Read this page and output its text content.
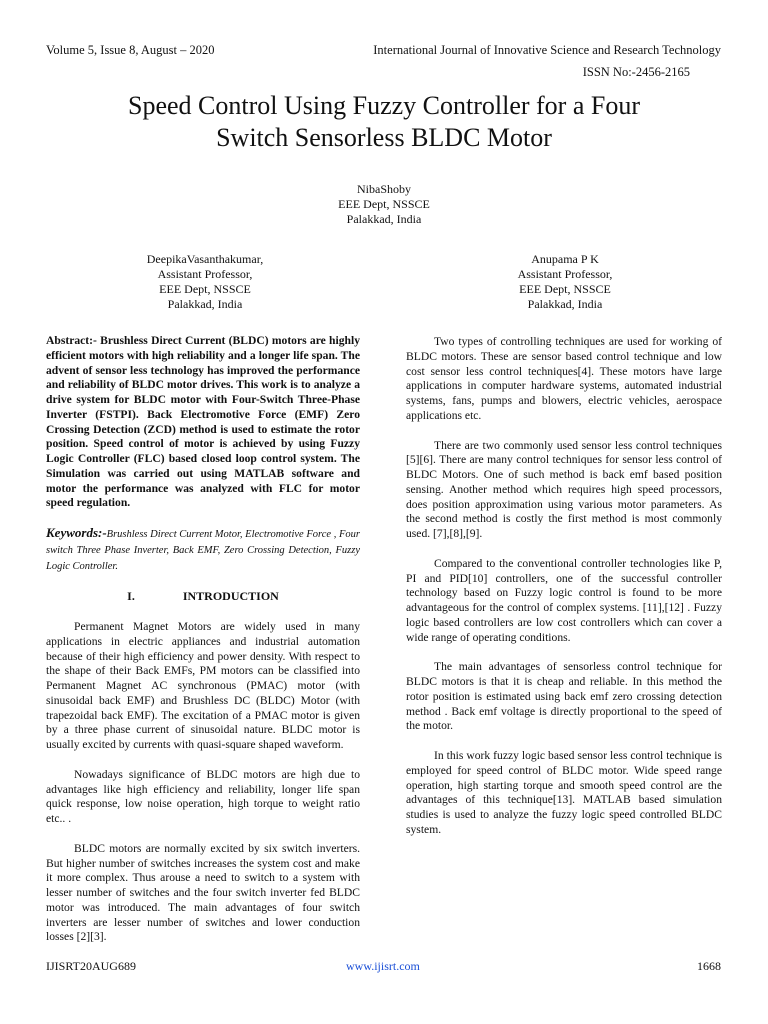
Volume 5, Issue 8, August – 2020	International Journal of Innovative Science and Research Technology
ISSN No:-2456-2165
Speed Control Using Fuzzy Controller for a Four
Switch Sensorless BLDC Motor
NibaShoby
EEE Dept, NSSCE
Palakkad, India
DeepikaVasanthakumar,
Assistant Professor,
EEE Dept, NSSCE
Palakkad, India
Anupama P K
Assistant Professor,
EEE Dept, NSSCE
Palakkad, India

Abstract:- Brushless Direct Current (BLDC) motors are highly efficient motors with high reliability and a longer life span. The advent of sensor less technology has improved the performance and reliability of BLDC motor drives. This work is to analyze a drive system for BLDC motor with Four-Switch Three-Phase Inverter (FSTPI). Back Electromotive Force (EMF) Zero Crossing Detection (ZCD) method is used to estimate the rotor position. Speed control of motor is achieved by using Fuzzy Logic Controller (FLC) based closed loop control system. The Simulation was carried out using MATLAB software and motor the performance was analyzed with FLC for motor speed regulation.

Keywords:-Brushless Direct Current Motor, Electromotive Force , Four switch Three Phase Inverter, Back EMF, Zero Crossing Detection, Fuzzy Logic Controller.

I.	INTRODUCTION

Permanent Magnet Motors are widely used in many applications in electric appliances and industrial automation because of their high efficiency and power density. With respect to the shape of their Back EMFs, PM motors can be classified into Permanent Magnet AC synchronous (PMAC) motor (with sinusoidal back EMF) and Brushless DC (BLDC) Motor (with trapezoidal back EMF). The excitation of a PMAC motor is given by a three phase current of sinusoidal nature. BLDC motor is usually excited by currents with quasi-square shaped waveform.

Nowadays significance of BLDC motors are high due to advantages like high efficiency and reliability, longer life span quick response, low noise operation, high torque to weight ratio etc.. .

BLDC motors are normally excited by six switch inverters. But higher number of switches increases the system cost and make it more complex. Thus arouse a need to switch to a system with lesser number of switches and the four switch inverter fed BLDC motor was introduced. The main advantages of four switch inverters are lesser number of switches and lower conduction losses [2][3].

Two types of controlling techniques are used for working of BLDC motors. These are sensor based control technique and low cost sensor less control techniques[4]. These motors have large applications in computer hardware systems, automated industrial systems, fans, pumps and blowers, electric vehicles, aerospace applications etc.

There are two commonly used sensor less control techniques [5][6]. There are many control techniques for sensor less control of BLDC Motors. One of such method is back emf based position sensing. Another method which requires high speed processors, does position approximation using various motor parameters. As the second method is costly the first method is most commonly used. [7],[8],[9].

Compared to the conventional controller technologies like P, PI and PID[10] controllers, one of the successful controller technology based on Fuzzy logic control is found to be more advantageous for the control of complex systems. [11],[12] . Fuzzy logic based controllers are low cost controllers which can cover a wide range of operating conditions.

The main advantages of sensorless control technique for BLDC motors is that it is cheap and reliable. In this method the rotor position is estimated using back emf zero crossing detection method . Back emf voltage is directly proportional to the speed of the motor.

In this work fuzzy logic based sensor less control technique is employed for speed control of BLDC motor. Wide speed range operation, high starting torque and smooth speed control are the advantages of this technique[13]. MATLAB based simulation studies is used to analyze the fuzzy logic speed controlled BLDC system.

IJISRT20AUG689	www.ijisrt.com	1668
